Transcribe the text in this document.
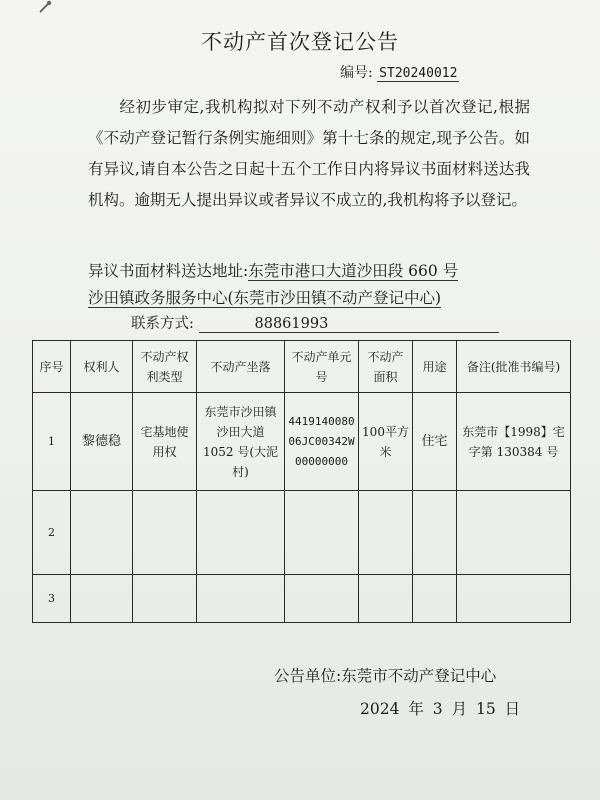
不动产首次登记公告
编号: ST20240012
经初步审定,我机构拟对下列不动产权利予以首次登记,根据《不动产登记暂行条例实施细则》第十七条的规定,现予公告。如有异议,请自本公告之日起十五个工作日内将异议书面材料送达我机构。逾期无人提出异议或者异议不成立的,我机构将予以登记。
异议书面材料送达地址:东莞市港口大道沙田段 660 号
沙田镇政务服务中心(东莞市沙田镇不动产登记中心)
联系方式:	88861993
序号	权利人	不动产权利类型	不动产坐落	不动产单元号	不动产面积	用途	备注(批准书编号)
1	黎德稳	宅基地使用权	东莞市沙田镇沙田大道 1052 号(大泥村)	441914008006JC00342W00000000	100平方米	住宅	东莞市【1998】宅字第 130384 号
2							
3							
公告单位:东莞市不动产登记中心
2024 年 3 月 15 日
